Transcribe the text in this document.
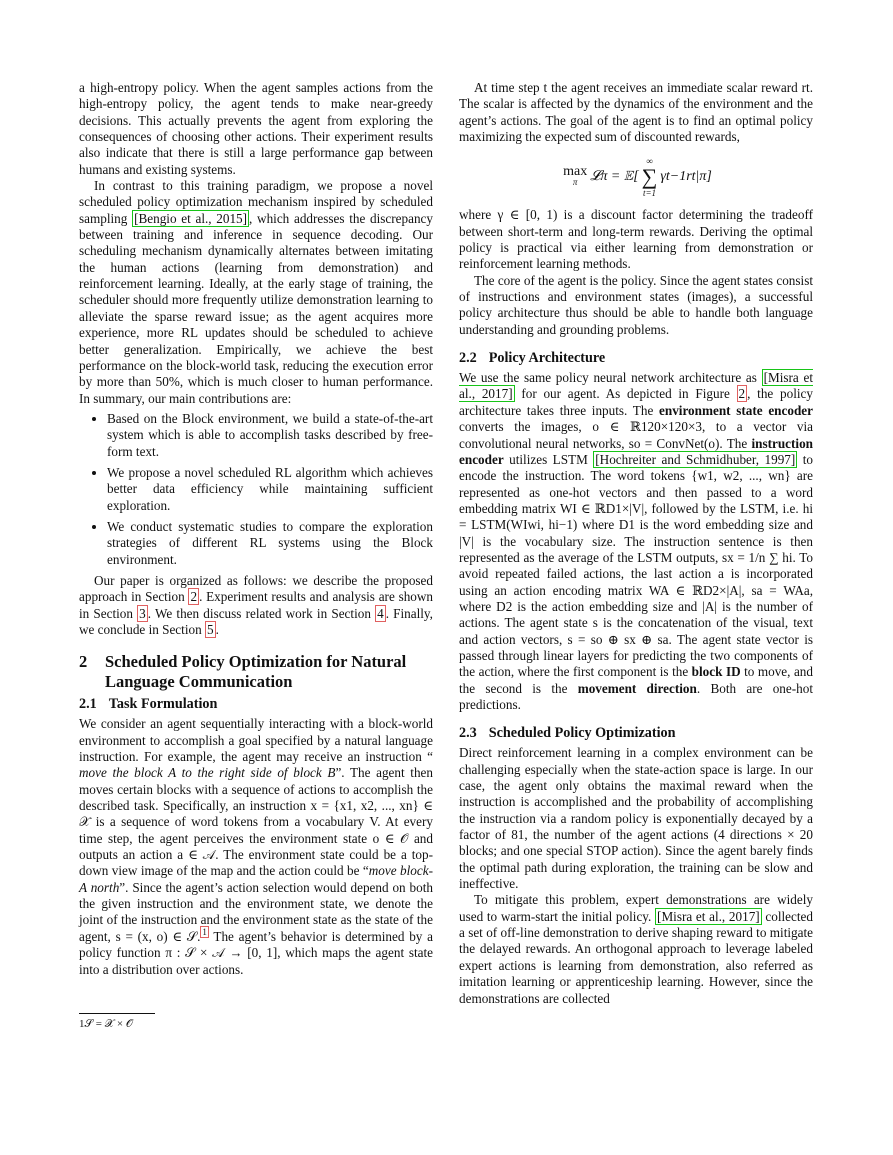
a high-entropy policy. When the agent samples actions from the high-entropy policy, the agent tends to make near-greedy decisions. This actually prevents the agent from exploring the consequences of choosing other actions. Their experiment results also indicate that there is still a large performance gap between humans and existing systems.

In contrast to this training paradigm, we propose a novel scheduled policy optimization mechanism inspired by scheduled sampling [Bengio et al., 2015] , which addresses the discrepancy between training and inference in sequence decoding. Our scheduling mechanism dynamically alternates between imitating the human actions (learning from demonstration) and reinforcement learning. Ideally, at the early stage of training, the scheduler should more frequently utilize demonstration learning to alleviate the sparse reward issue; as the agent acquires more experience, more RL updates should be scheduled to achieve better generalization. Empirically, we achieve the best performance on the block-world task, reducing the execution error by more than 50%, which is much closer to human performance. In summary, our main contributions are:

• Based on the Block environment, we build a state-of-the-art system which is able to accomplish tasks described by free-form text.
• We propose a novel scheduled RL algorithm which achieves better data efficiency while maintaining sufficient exploration.
• We conduct systematic studies to compare the exploration strategies of different RL systems using the Block environment.

Our paper is organized as follows: we describe the proposed approach in Section 2 . Experiment results and analysis are shown in Section 3 . We then discuss related work in Section 4 . Finally, we conclude in Section 5 .

2	Scheduled Policy Optimization for Natural Language Communication
2.1 Task Formulation

We consider an agent sequentially interacting with a block-world environment to accomplish a goal specified by a natural language instruction. For example, the agent may receive an instruction “ move the block A to the right side of block B”. The agent then moves certain blocks with a sequence of actions to accomplish the described task. Specifically, an instruction x = {x1, x2, ..., xn} ∈ 𝒳 is a sequence of word tokens from a vocabulary V. At every time step, the agent perceives the environment state o ∈ 𝒪 and outputs an action a ∈ 𝒜. The environment state could be a top-down view image of the map and the action could be “move block-A north”. Since the agent’s action selection would depend on both the given instruction and the environment state, we denote the joint of the instruction and the environment state as the state of the agent, s = (x, o) ∈ 𝒮. $^1$ The agent’s behavior is determined by a policy function π : 𝒮 × 𝒜 → [0, 1], which maps the agent state into a distribution over actions.

1𝒮 = 𝒳 × 𝒪

At time step t the agent receives an immediate scalar reward rt. The scalar is affected by the dynamics of the environment and the agent’s actions. The goal of the agent is to find an optimal policy maximizing the expected sum of discounted rewards,

max
π 𝓛π = 𝔼[
∞
∑
t=1
γt−1rt|π]

where γ ∈ [0, 1) is a discount factor determining the tradeoff between short-term and long-term rewards. Deriving the optimal policy is practical via either learning from demonstration or reinforcement learning methods.

The core of the agent is the policy. Since the agent states consist of instructions and environment states (images), a successful policy architecture thus should be able to handle both language understanding and grounding problems.

2.2 Policy Architecture

We use the same policy neural network architecture as [Misra et al., 2017] for our agent. As depicted in Figure 2 , the policy architecture takes three inputs. The environment state encoder converts the images, o ∈ ℝ120×120×3, to a vector via convolutional neural networks, so = ConvNet(o). The instruction encoder utilizes LSTM [Hochreiter and Schmidhuber, 1997] to encode the instruction. The word tokens {w1, w2, ..., wn} are represented as one-hot vectors and then passed to a word embedding matrix WI ∈ ℝD1×|V|, followed by the LSTM, i.e. hi = LSTM(WIwi, hi−1) where D1 is the word embedding size and |V| is the vocabulary size. The instruction sentence is then represented as the average of the LSTM outputs, sx = 1/n ∑ hi. To avoid repeated failed actions, the last action a is incorporated using an action encoding matrix WA ∈ ℝD2×|A|, sa = WAa, where D2 is the action embedding size and |A| is the number of actions. The agent state s is the concatenation of the visual, text and action vectors, s = so ⊕ sx ⊕ sa. The agent state vector is passed through linear layers for predicting the two components of the action, where the first component is the block ID to move, and the second is the movement direction. Both are one-hot predictions.

2.3 Scheduled Policy Optimization

Direct reinforcement learning in a complex environment can be challenging especially when the state-action space is large. In our case, the agent only obtains the maximal reward when the instruction is accomplished and the probability of accomplishing the instruction via a random policy is exponentially decayed by a factor of 81, the number of the agent actions (4 directions × 20 blocks; and one special STOP action). Since the agent barely finds the optimal path during exploration, the training can be slow and ineffective.

To mitigate this problem, expert demonstrations are widely used to warm-start the initial policy. [Misra et al., 2017] collected a set of off-line demonstration to derive shaping reward to mitigate the delayed rewards. An orthogonal approach to leverage labeled expert actions is learning from demonstration, also referred as imitation learning or apprenticeship learning. However, since the demonstrations are collected
